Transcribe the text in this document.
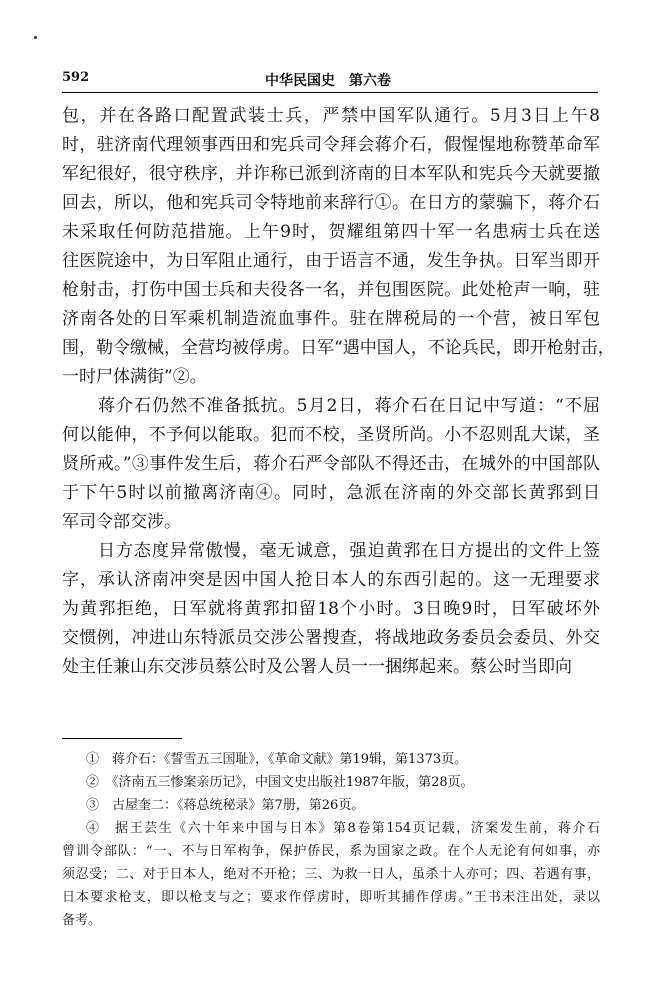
592	中华民国史　第六卷
包，并在各路口配置武装士兵，严禁中国军队通行。5月3日上午8
时，驻济南代理领事西田和宪兵司令拜会蒋介石，假惺惺地称赞革命军
军纪很好，很守秩序，并诈称已派到济南的日本军队和宪兵今天就要撤
回去，所以，他和宪兵司令特地前来辞行①。在日方的蒙骗下，蒋介石
未采取任何防范措施。上午9时，贺耀组第四十军一名患病士兵在送
往医院途中，为日军阻止通行，由于语言不通，发生争执。日军当即开
枪射击，打伤中国士兵和夫役各一名，并包围医院。此处枪声一响，驻
济南各处的日军乘机制造流血事件。驻在牌税局的一个营，被日军包
围，勒令缴械，全营均被俘虏。日军“遇中国人，不论兵民，即开枪射击，
一时尸体满街”②。
蒋介石仍然不准备抵抗。5月2日，蒋介石在日记中写道：“不屈
何以能伸，不予何以能取。犯而不校，圣贤所尚。小不忍则乱大谋，圣
贤所戒。”③事件发生后，蒋介石严令部队不得还击，在城外的中国部队
于下午5时以前撤离济南④。同时，急派在济南的外交部长黄郛到日
军司令部交涉。
日方态度异常傲慢，毫无诚意，强迫黄郛在日方提出的文件上签
字，承认济南冲突是因中国人抢日本人的东西引起的。这一无理要求
为黄郛拒绝，日军就将黄郛扣留18个小时。3日晚9时，日军破坏外
交惯例，冲进山东特派员交涉公署搜查，将战地政务委员会委员、外交
处主任兼山东交涉员蔡公时及公署人员一一捆绑起来。蔡公时当即向
①　蒋介石：《誓雪五三国耻》，《革命文献》第19辑，第1373页。
②　《济南五三惨案亲历记》，中国文史出版社1987年版，第28页。
③　古屋奎二：《蒋总统秘录》第7册，第26页。
④　据王芸生《六十年来中国与日本》第8卷第154页记载，济案发生前，蒋介石
曾训令部队：“一、不与日军构争，保护侨民，系为国家之政。在个人无论有何如事，亦
须忍受；二、对于日本人，绝对不开枪；三、为救一日人，虽杀十人亦可；四、若遇有事，
日本要求枪支，即以枪支与之；要求作俘虏时，即听其捕作俘虏。”王书未注出处，录以
备考。
